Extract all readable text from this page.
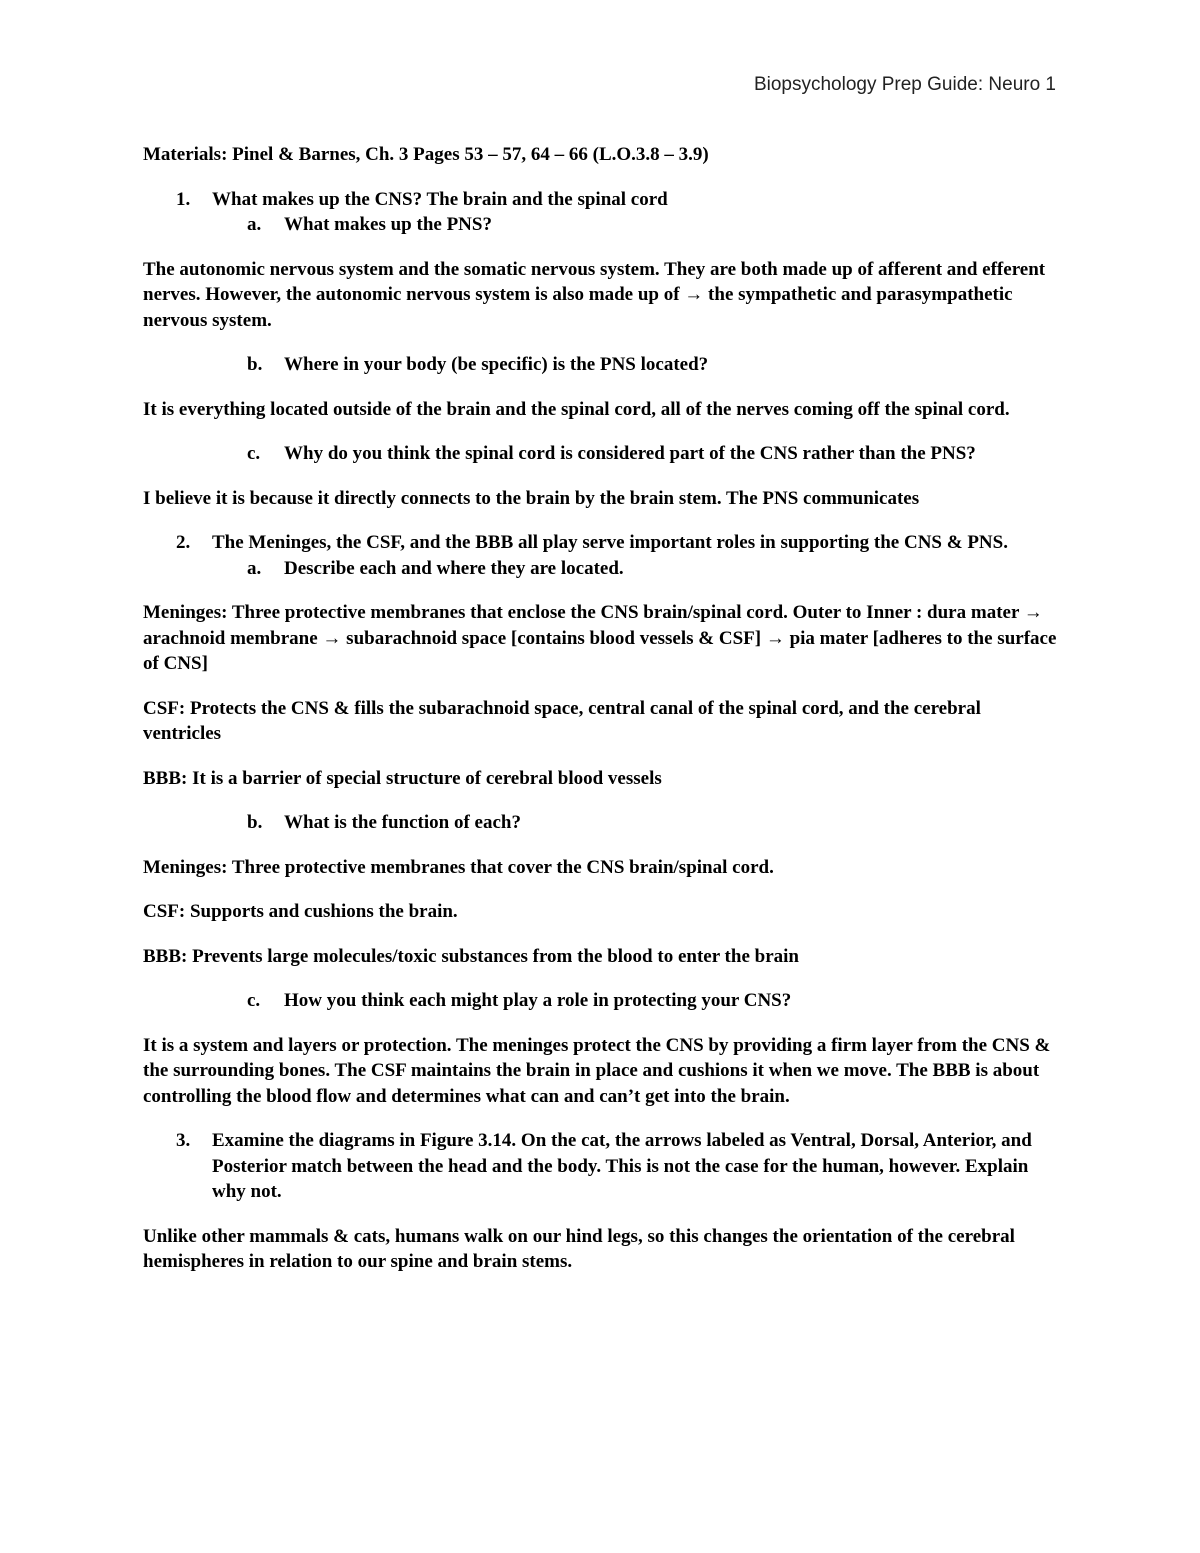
Biopsychology Prep Guide: Neuro 1

Materials: Pinel & Barnes, Ch. 3 Pages 53 – 57, 64 – 66 (L.O.3.8 – 3.9)

1. What makes up the CNS? The brain and the spinal cord
a. What makes up the PNS?

The autonomic nervous system and the somatic nervous system. They are both made up of afferent and efferent nerves. However, the autonomic nervous system is also made up of → the sympathetic and parasympathetic nervous system.

b. Where in your body (be specific) is the PNS located?

It is everything located outside of the brain and the spinal cord, all of the nerves coming off the spinal cord.

c. Why do you think the spinal cord is considered part of the CNS rather than the PNS?

I believe it is because it directly connects to the brain by the brain stem. The PNS communicates

2. The Meninges, the CSF, and the BBB all play serve important roles in supporting the CNS & PNS.
a. Describe each and where they are located.

Meninges: Three protective membranes that enclose the CNS brain/spinal cord. Outer to Inner : dura mater → arachnoid membrane → subarachnoid space [contains blood vessels & CSF] → pia mater [adheres to the surface of CNS]

CSF: Protects the CNS & fills the subarachnoid space, central canal of the spinal cord, and the cerebral ventricles

BBB: It is a barrier of special structure of cerebral blood vessels

b. What is the function of each?

Meninges: Three protective membranes that cover the CNS brain/spinal cord.

CSF: Supports and cushions the brain.

BBB: Prevents large molecules/toxic substances from the blood to enter the brain

c. How you think each might play a role in protecting your CNS?

It is a system and layers or protection. The meninges protect the CNS by providing a firm layer from the CNS & the surrounding bones. The CSF maintains the brain in place and cushions it when we move. The BBB is about controlling the blood flow and determines what can and can’t get into the brain.

3. Examine the diagrams in Figure 3.14. On the cat, the arrows labeled as Ventral, Dorsal, Anterior, and Posterior match between the head and the body. This is not the case for the human, however. Explain why not.

Unlike other mammals & cats, humans walk on our hind legs, so this changes the orientation of the cerebral hemispheres in relation to our spine and brain stems.
